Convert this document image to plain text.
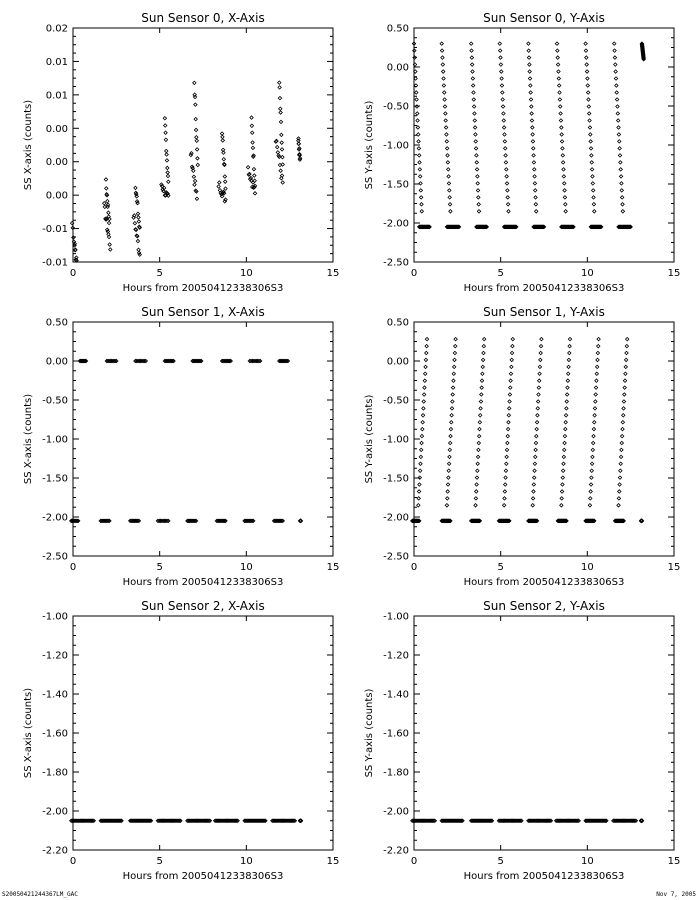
Sun Sensor 0, X-Axis
Hours from 20050412338306S3
SS X-axis (counts)
0	5	10	15
0.02
0.01
0.01
0.00
0.00
0.00
-0.01
-0.01
Sun Sensor 0, Y-Axis
Hours from 20050412338306S3
SS Y-axis (counts)
0	5	10	15
0.50
0.00
-0.50
-1.00
-1.50
-2.00
-2.50
Sun Sensor 1, X-Axis
Hours from 20050412338306S3
SS X-axis (counts)
0	5	10	15
0.50
0.00
-0.50
-1.00
-1.50
-2.00
-2.50
Sun Sensor 1, Y-Axis
Hours from 20050412338306S3
SS Y-axis (counts)
0	5	10	15
0.50
0.00
-0.50
-1.00
-1.50
-2.00
-2.50
Sun Sensor 2, X-Axis
Hours from 20050412338306S3
SS X-axis (counts)
0	5	10	15
-1.00
-1.20
-1.40
-1.60
-1.80
-2.00
-2.20
Sun Sensor 2, Y-Axis
Hours from 20050412338306S3
SS Y-axis (counts)
0	5	10	15
-1.00
-1.20
-1.40
-1.60
-1.80
-2.00
-2.20
S20050421244367LM_GAC	Nov 7, 2005
